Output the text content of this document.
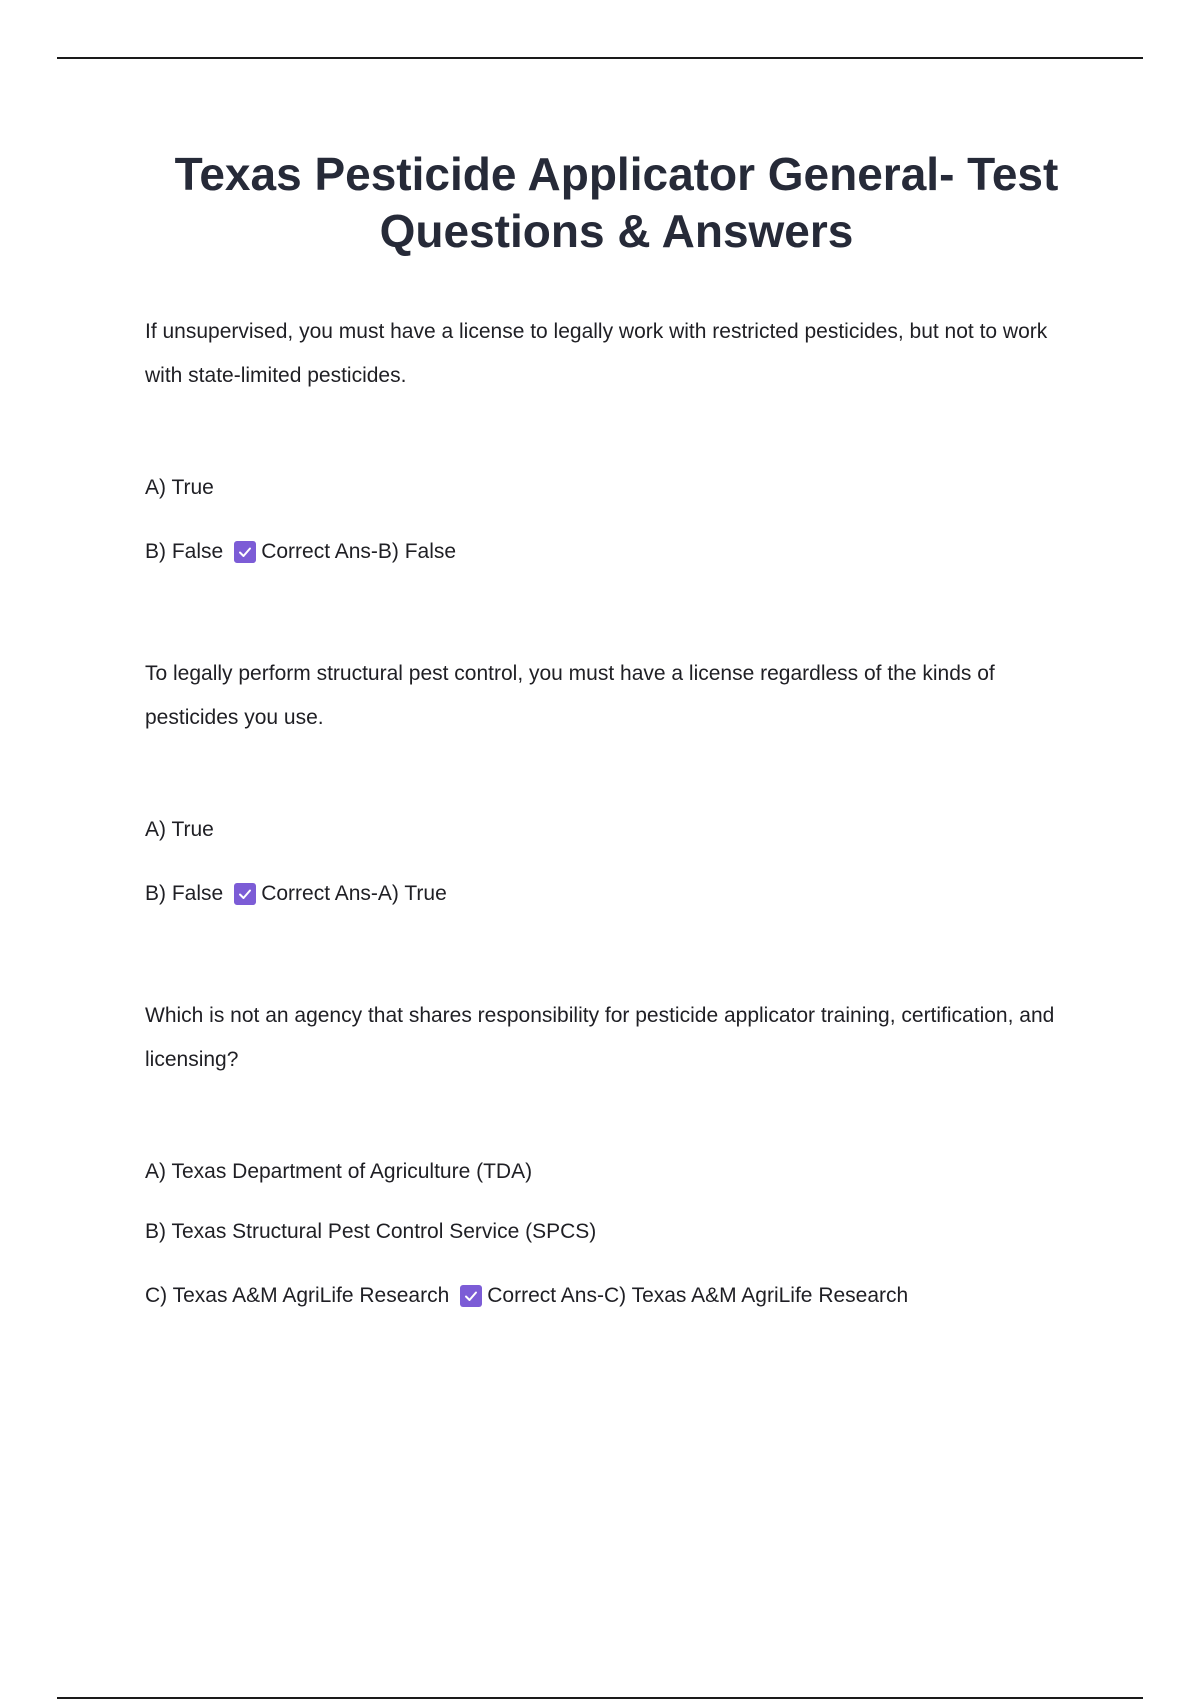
Texas Pesticide Applicator General- Test Questions & Answers

If unsupervised, you must have a license to legally work with restricted pesticides, but not to work with state-limited pesticides.

A) True
B) False Correct Ans-B) False

To legally perform structural pest control, you must have a license regardless of the kinds of pesticides you use.

A) True
B) False Correct Ans-A) True

Which is not an agency that shares responsibility for pesticide applicator training, certification, and licensing?

A) Texas Department of Agriculture (TDA)
B) Texas Structural Pest Control Service (SPCS)
C) Texas A&M AgriLife Research Correct Ans-C) Texas A&M AgriLife Research
